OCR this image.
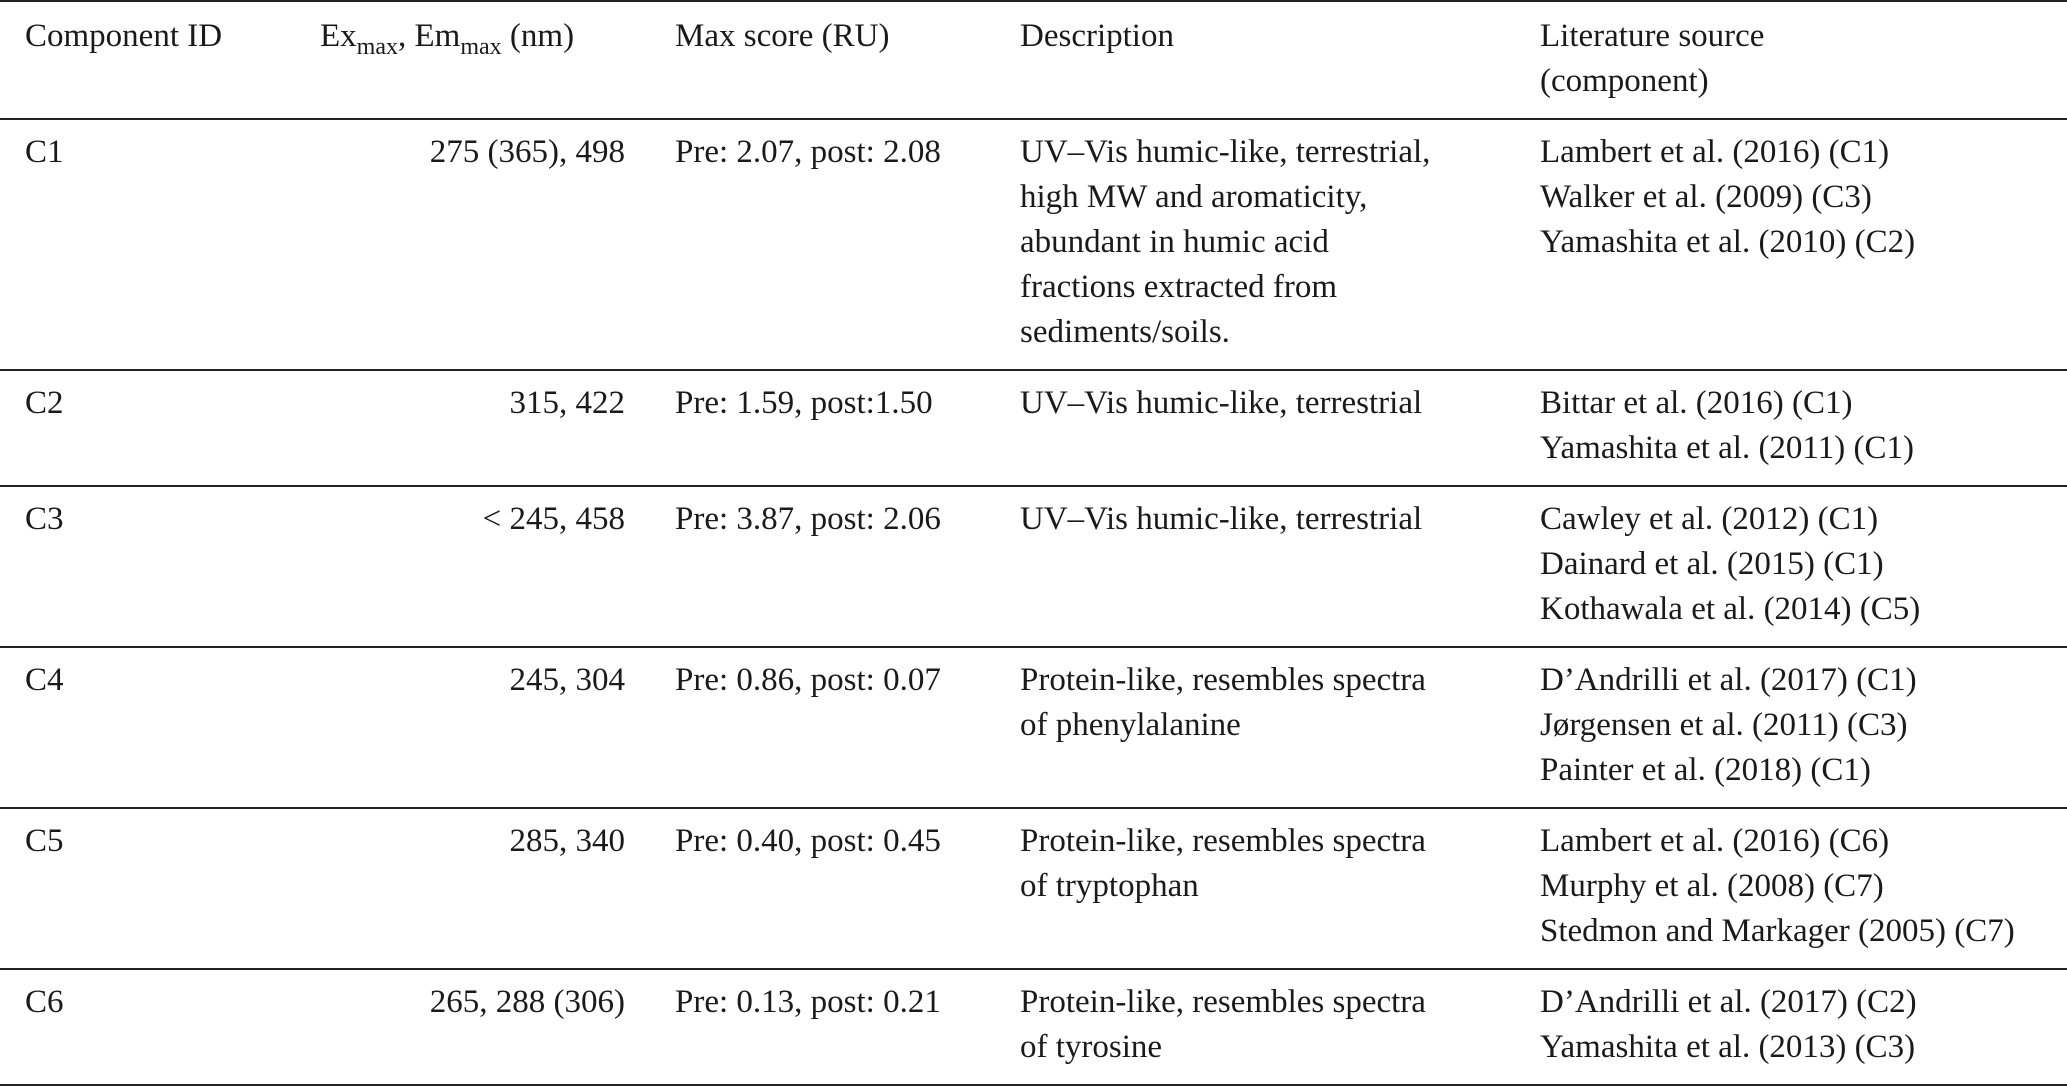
Component ID	$Ex_{max}$, $Em_{max}$ (nm)	Max score (RU)	Description	Literature source
(component)

C1	275 (365), 498	Pre: 2.07, post: 2.08	UV–Vis humic-like, terrestrial,
high MW and aromaticity,
abundant in humic acid
fractions extracted from
sediments/soils.	Lambert et al. (2016) (C1)
Walker et al. (2009) (C3)
Yamashita et al. (2010) (C2)

C2	315, 422	Pre: 1.59, post:1.50	UV–Vis humic-like, terrestrial	Bittar et al. (2016) (C1)
Yamashita et al. (2011) (C1)

C3	< 245, 458	Pre: 3.87, post: 2.06	UV–Vis humic-like, terrestrial	Cawley et al. (2012) (C1)
Dainard et al. (2015) (C1)
Kothawala et al. (2014) (C5)

C4	245, 304	Pre: 0.86, post: 0.07	Protein-like, resembles spectra
of phenylalanine	D’Andrilli et al. (2017) (C1)
Jørgensen et al. (2011) (C3)
Painter et al. (2018) (C1)

C5	285, 340	Pre: 0.40, post: 0.45	Protein-like, resembles spectra
of tryptophan	Lambert et al. (2016) (C6)
Murphy et al. (2008) (C7)
Stedmon and Markager (2005) (C7)

C6	265, 288 (306)	Pre: 0.13, post: 0.21	Protein-like, resembles spectra
of tyrosine	D’Andrilli et al. (2017) (C2)
Yamashita et al. (2013) (C3)
